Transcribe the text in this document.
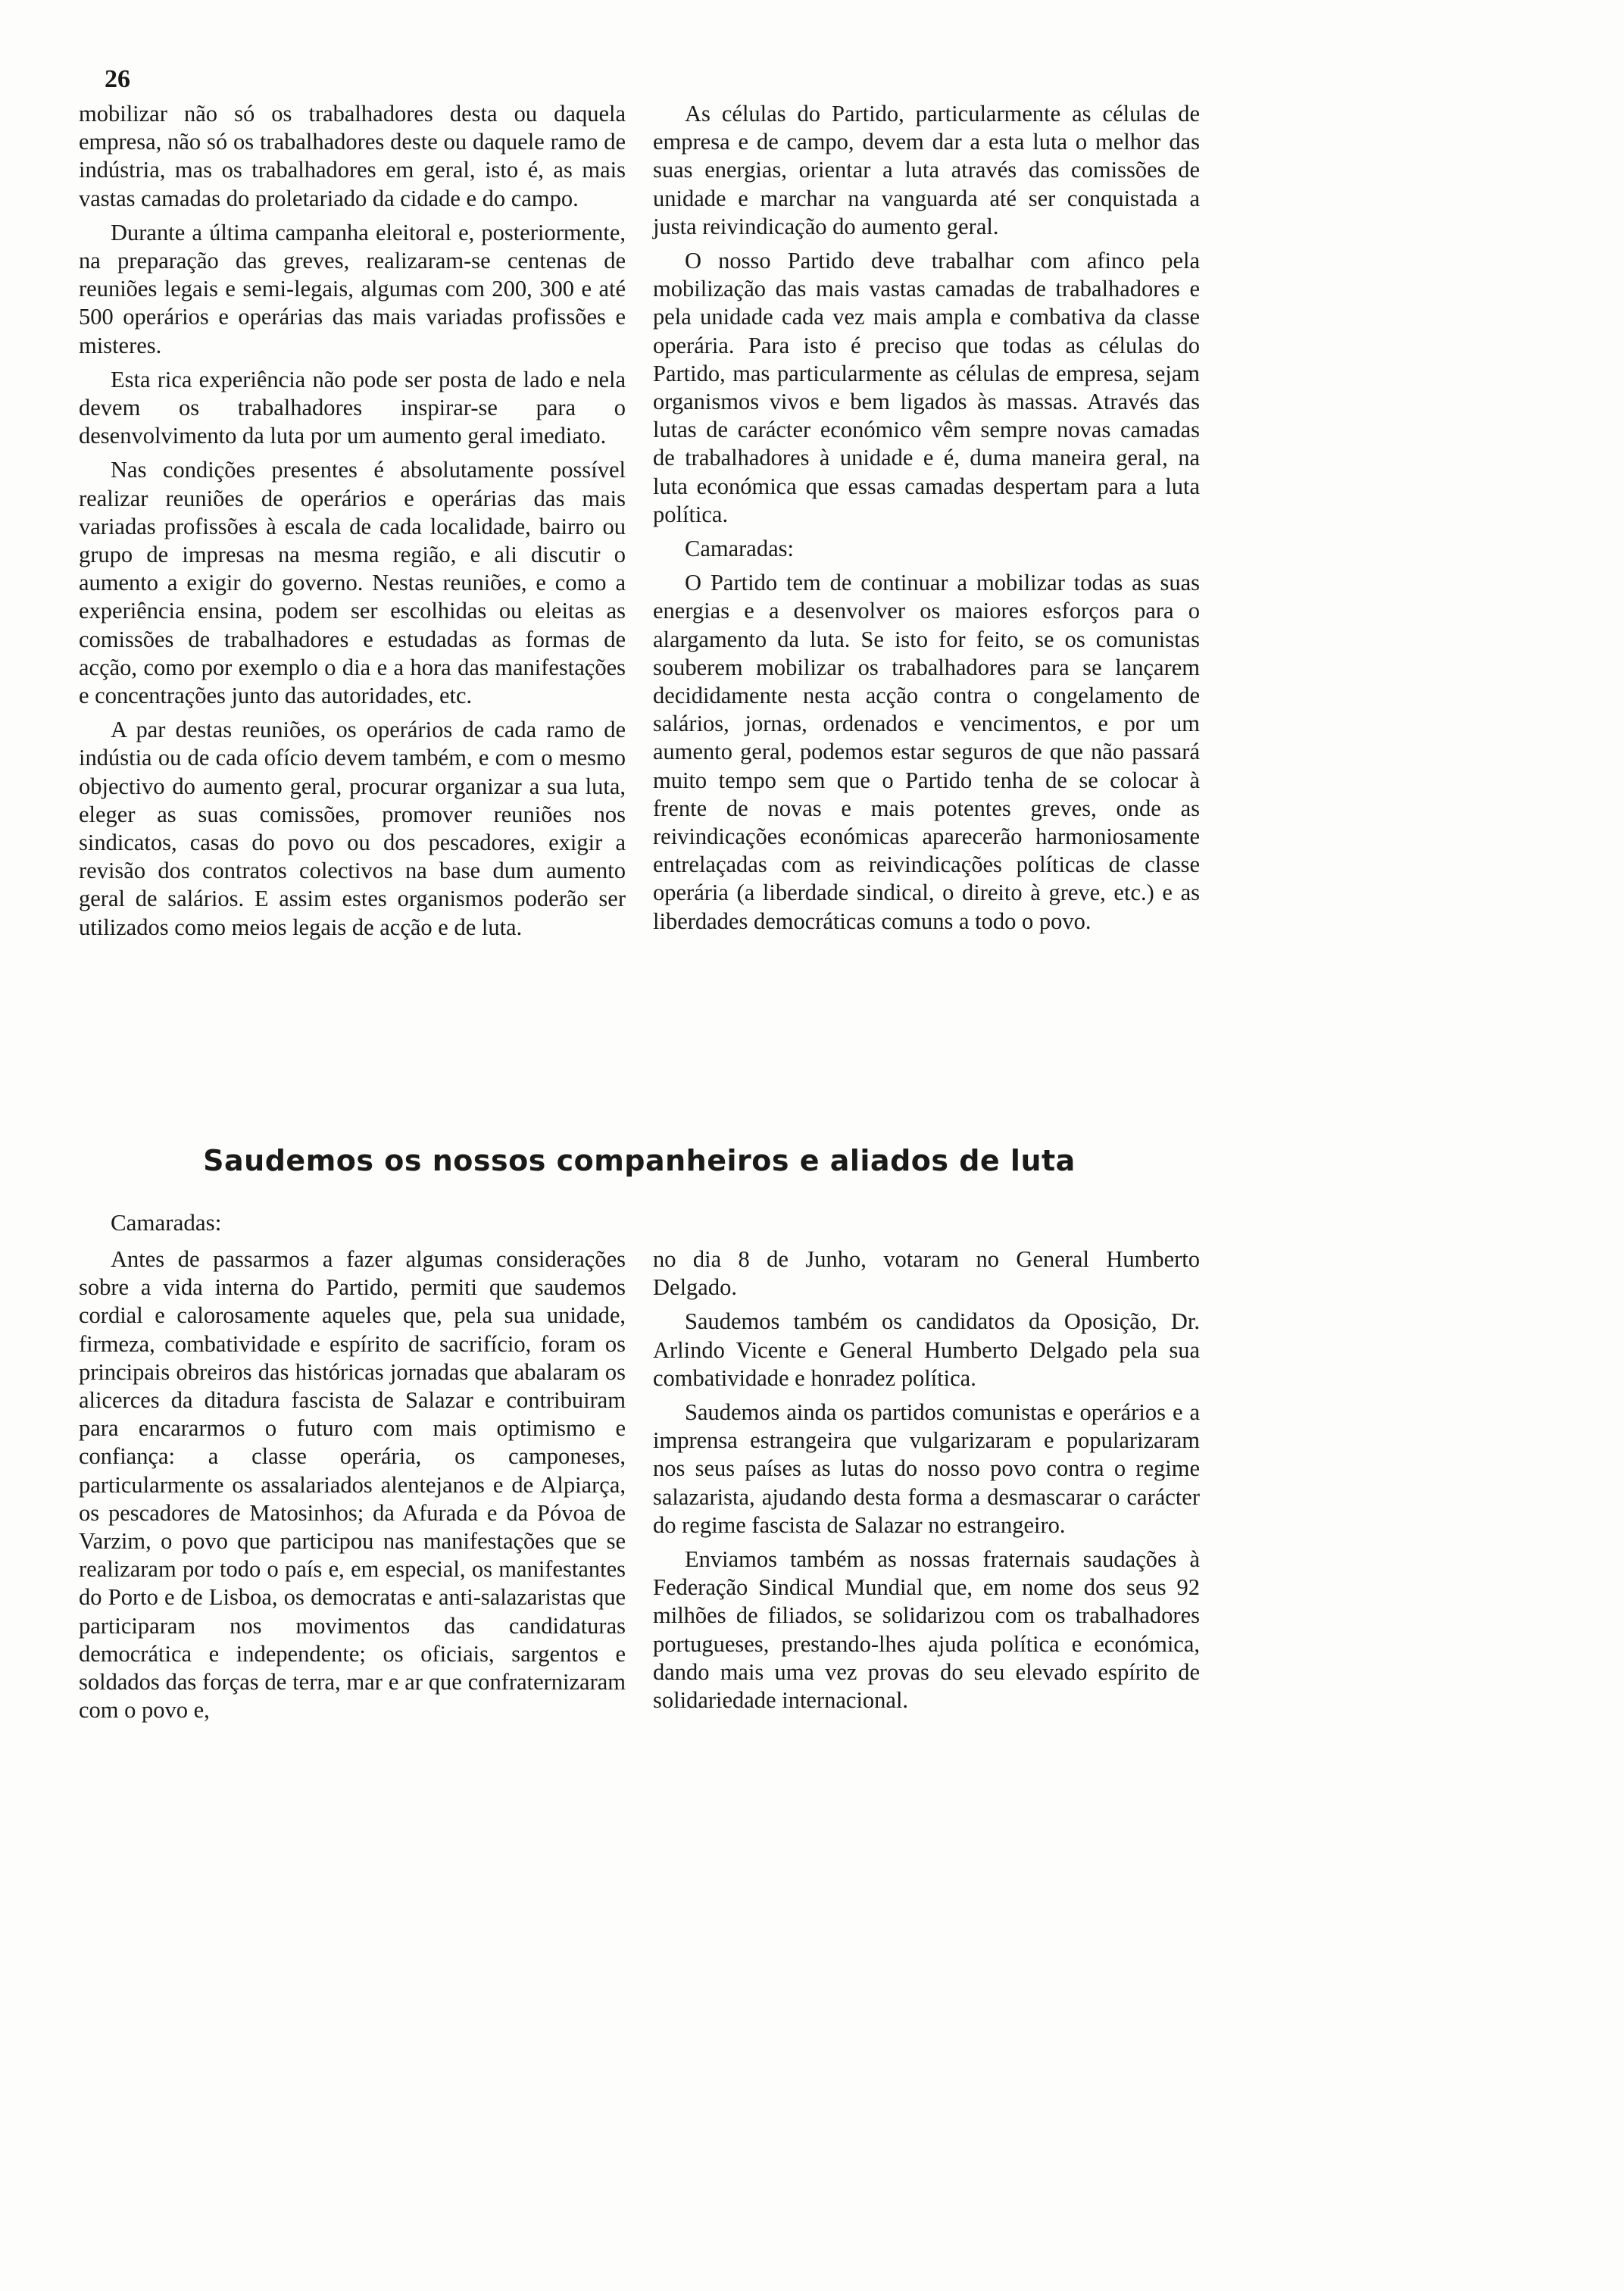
26

mobilizar não só os trabalhadores desta ou daquela empresa, não só os trabalhadores deste ou daquele ramo de indústria, mas os trabalhadores em geral, isto é, as mais vastas camadas do proletariado da cidade e do campo.

Durante a última campanha eleitoral e, posteriormente, na preparação das greves, realizaram-se centenas de reuniões legais e semi-legais, algumas com 200, 300 e até 500 operários e operárias das mais variadas profissões e misteres.

Esta rica experiência não pode ser posta de lado e nela devem os trabalhadores inspirar-se para o desenvolvimento da luta por um aumento geral imediato.

Nas condições presentes é absolutamente possível realizar reuniões de operários e operárias das mais variadas profissões à escala de cada localidade, bairro ou grupo de impresas na mesma região, e ali discutir o aumento a exigir do governo. Nestas reuniões, e como a experiência ensina, podem ser escolhidas ou eleitas as comissões de trabalhadores e estudadas as formas de acção, como por exemplo o dia e a hora das manifestações e concentrações junto das autoridades, etc.

A par destas reuniões, os operários de cada ramo de indústia ou de cada ofício devem também, e com o mesmo objectivo do aumento geral, procurar organizar a sua luta, eleger as suas comissões, promover reuniões nos sindicatos, casas do povo ou dos pescadores, exigir a revisão dos contratos colectivos na base dum aumento geral de salários. E assim estes organismos poderão ser utilizados como meios legais de acção e de luta.

As células do Partido, particularmente as células de empresa e de campo, devem dar a esta luta o melhor das suas energias, orientar a luta através das comissões de unidade e marchar na vanguarda até ser conquistada a justa reivindicação do aumento geral.

O nosso Partido deve trabalhar com afinco pela mobilização das mais vastas camadas de trabalhadores e pela unidade cada vez mais ampla e combativa da classe operária. Para isto é preciso que todas as células do Partido, mas particularmente as células de empresa, sejam organismos vivos e bem ligados às massas. Através das lutas de carácter económico vêm sempre novas camadas de trabalhadores à unidade e é, duma maneira geral, na luta económica que essas camadas despertam para a luta política.

Camaradas:

O Partido tem de continuar a mobilizar todas as suas energias e a desenvolver os maiores esforços para o alargamento da luta. Se isto for feito, se os comunistas souberem mobilizar os trabalhadores para se lançarem decididamente nesta acção contra o congelamento de salários, jornas, ordenados e vencimentos, e por um aumento geral, podemos estar seguros de que não passará muito tempo sem que o Partido tenha de se colocar à frente de novas e mais potentes greves, onde as reivindicações económicas aparecerão harmoniosamente entrelaçadas com as reivindicações políticas de classe operária (a liberdade sindical, o direito à greve, etc.) e as liberdades democráticas comuns a todo o povo.

Saudemos os nossos companheiros e aliados de luta
Camaradas:

Antes de passarmos a fazer algumas considerações sobre a vida interna do Partido, permiti que saudemos cordial e calorosamente aqueles que, pela sua unidade, firmeza, combatividade e espírito de sacrifício, foram os principais obreiros das históricas jornadas que abalaram os alicerces da ditadura fascista de Salazar e contribuiram para encararmos o futuro com mais optimismo e confiança: a classe operária, os camponeses, particularmente os assalariados alentejanos e de Alpiarça, os pescadores de Matosinhos; da Afurada e da Póvoa de Varzim, o povo que participou nas manifestações que se realizaram por todo o país e, em especial, os manifestantes do Porto e de Lisboa, os democratas e anti-salazaristas que participaram nos movimentos das candidaturas democrática e independente; os oficiais, sargentos e soldados das forças de terra, mar e ar que confraternizaram com o povo e,

no dia 8 de Junho, votaram no General Humberto Delgado.

Saudemos também os candidatos da Oposição, Dr. Arlindo Vicente e General Humberto Delgado pela sua combatividade e honradez política.

Saudemos ainda os partidos comunistas e operários e a imprensa estrangeira que vulgarizaram e popularizaram nos seus países as lutas do nosso povo contra o regime salazarista, ajudando desta forma a desmascarar o carácter do regime fascista de Salazar no estrangeiro.

Enviamos também as nossas fraternais saudações à Federação Sindical Mundial que, em nome dos seus 92 milhões de filiados, se solidarizou com os trabalhadores portugueses, prestando-lhes ajuda política e económica, dando mais uma vez provas do seu elevado espírito de solidariedade internacional.
